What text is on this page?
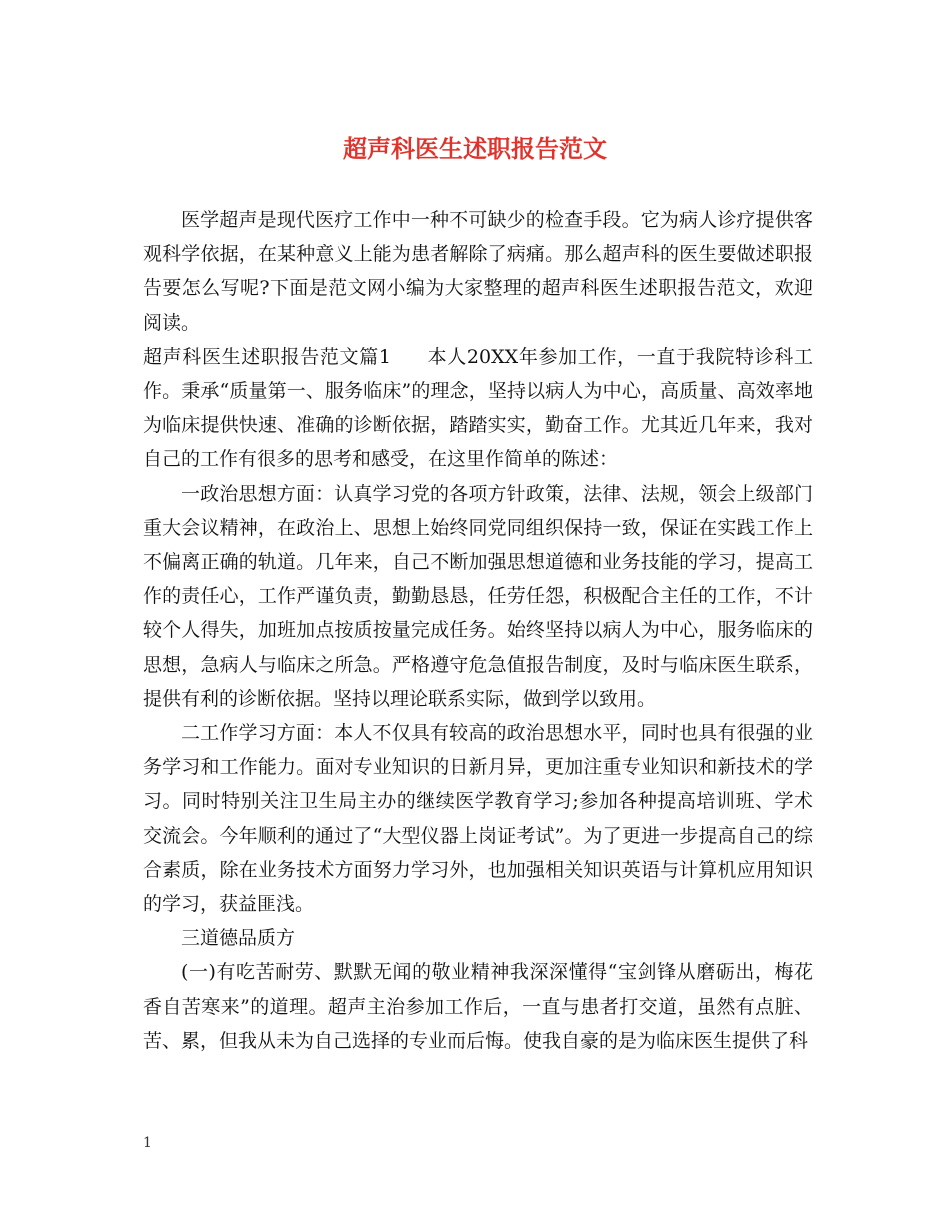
超声科医生述职报告范文

医学超声是现代医疗工作中一种不可缺少的检查手段。它为病人诊疗提供客观科学依据，在某种意义上能为患者解除了病痛。那么超声科的医生要做述职报告要怎么写呢?下面是范文网小编为大家整理的超声科医生述职报告范文，欢迎阅读。

超声科医生述职报告范文篇1 本人20XX年参加工作，一直于我院特诊科工作。秉承“质量第一、服务临床”的理念，坚持以病人为中心，高质量、高效率地为临床提供快速、准确的诊断依据，踏踏实实，勤奋工作。尤其近几年来，我对自己的工作有很多的思考和感受，在这里作简单的陈述：

一政治思想方面：认真学习党的各项方针政策，法律、法规，领会上级部门重大会议精神，在政治上、思想上始终同党同组织保持一致，保证在实践工作上不偏离正确的轨道。几年来，自己不断加强思想道德和业务技能的学习，提高工作的责任心，工作严谨负责，勤勤恳恳，任劳任怨，积极配合主任的工作，不计较个人得失，加班加点按质按量完成任务。始终坚持以病人为中心，服务临床的思想，急病人与临床之所急。严格遵守危急值报告制度，及时与临床医生联系，提供有利的诊断依据。坚持以理论联系实际，做到学以致用。

二工作学习方面：本人不仅具有较高的政治思想水平，同时也具有很强的业务学习和工作能力。面对专业知识的日新月异，更加注重专业知识和新技术的学习。同时特别关注卫生局主办的继续医学教育学习;参加各种提高培训班、学术交流会。今年顺利的通过了“大型仪器上岗证考试”。为了更进一步提高自己的综合素质，除在业务技术方面努力学习外，也加强相关知识英语与计算机应用知识的学习，获益匪浅。

三道德品质方

(一)有吃苦耐劳、默默无闻的敬业精神我深深懂得“宝剑锋从磨砺出，梅花香自苦寒来”的道理。超声主治参加工作后，一直与患者打交道，虽然有点脏、苦、累，但我从未为自己选择的专业而后悔。使我自豪的是为临床医生提供了科

1
